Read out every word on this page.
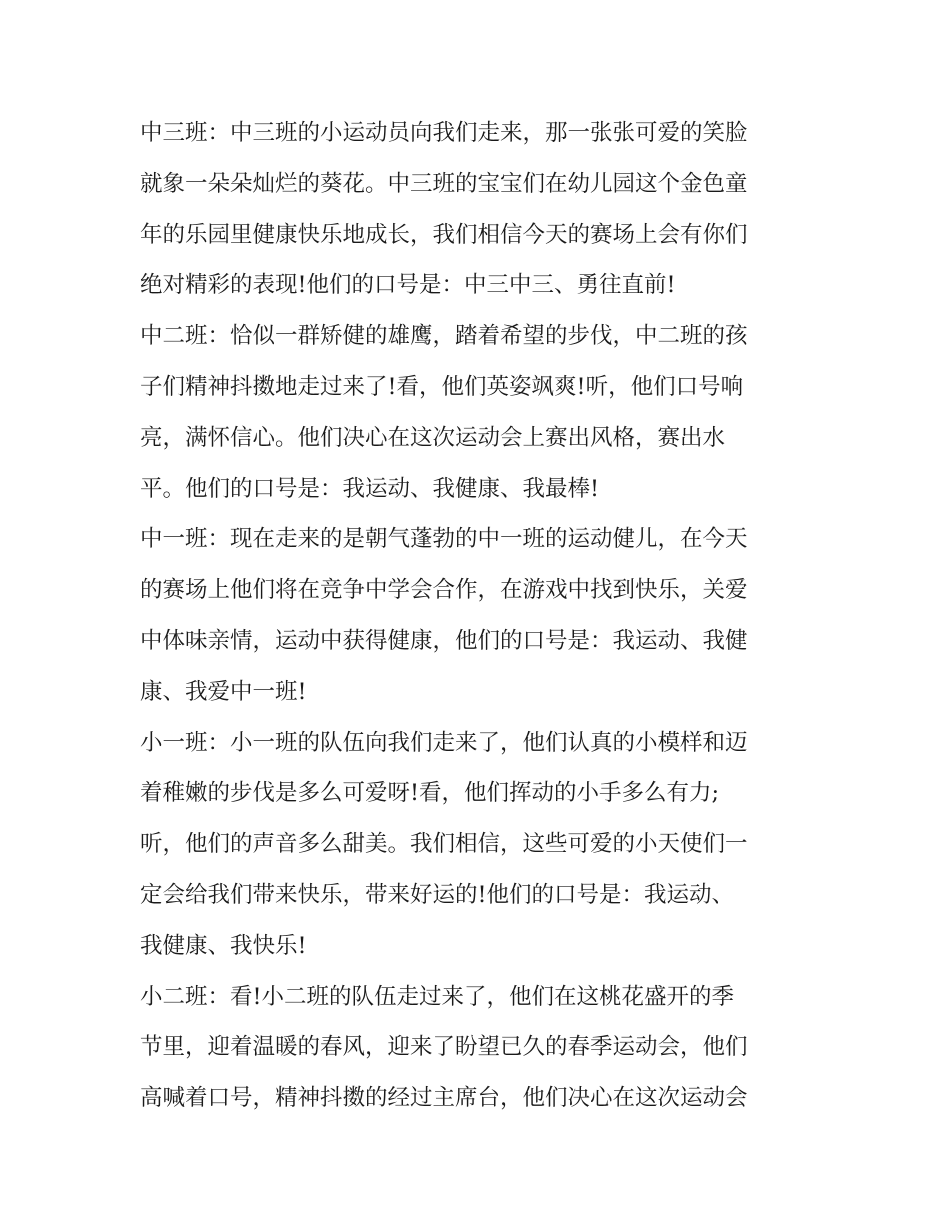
中三班：中三班的小运动员向我们走来，那一张张可爱的笑脸
就象一朵朵灿烂的葵花。中三班的宝宝们在幼儿园这个金色童
年的乐园里健康快乐地成长，我们相信今天的赛场上会有你们
绝对精彩的表现!他们的口号是：中三中三、勇往直前!
中二班：恰似一群矫健的雄鹰，踏着希望的步伐，中二班的孩
子们精神抖擞地走过来了!看，他们英姿飒爽!听，他们口号响
亮，满怀信心。他们决心在这次运动会上赛出风格，赛出水
平。他们的口号是：我运动、我健康、我最棒!
中一班：现在走来的是朝气蓬勃的中一班的运动健儿，在今天
的赛场上他们将在竞争中学会合作，在游戏中找到快乐，关爱
中体味亲情，运动中获得健康，他们的口号是：我运动、我健
康、我爱中一班!
小一班：小一班的队伍向我们走来了，他们认真的小模样和迈
着稚嫩的步伐是多么可爱呀!看，他们挥动的小手多么有力;
听，他们的声音多么甜美。我们相信，这些可爱的小天使们一
定会给我们带来快乐，带来好运的!他们的口号是：我运动、
我健康、我快乐!
小二班：看!小二班的队伍走过来了，他们在这桃花盛开的季
节里，迎着温暖的春风，迎来了盼望已久的春季运动会，他们
高喊着口号，精神抖擞的经过主席台，他们决心在这次运动会
